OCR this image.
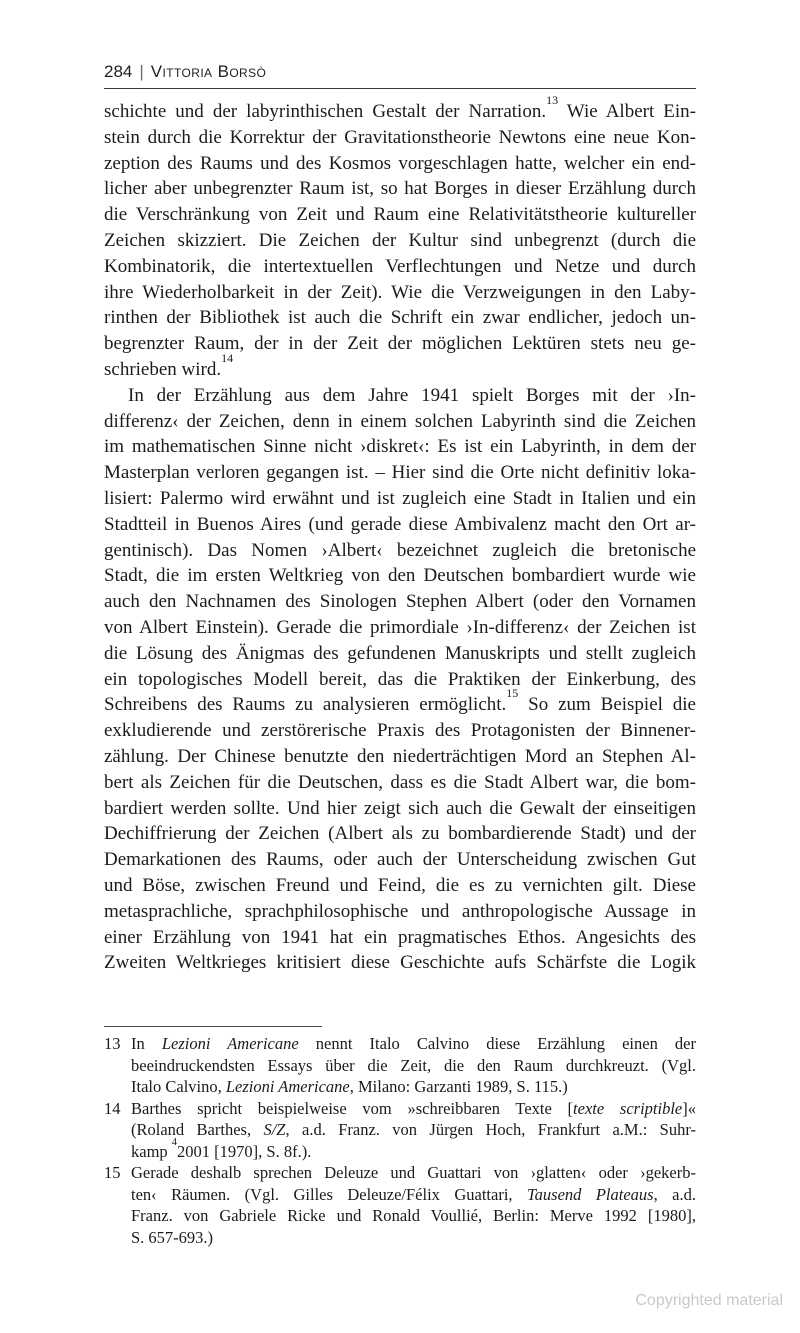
284 | Vittoria Borsò
schichte und der labyrinthischen Gestalt der Narration.$^{13}$ Wie Albert Ein-
stein durch die Korrektur der Gravitationstheorie Newtons eine neue Kon-
zeption des Raums und des Kosmos vorgeschlagen hatte, welcher ein end-
licher aber unbegrenzter Raum ist, so hat Borges in dieser Erzählung durch
die Verschränkung von Zeit und Raum eine Relativitätstheorie kultureller
Zeichen skizziert. Die Zeichen der Kultur sind unbegrenzt (durch die
Kombinatorik, die intertextuellen Verflechtungen und Netze und durch
ihre Wiederholbarkeit in der Zeit). Wie die Verzweigungen in den Laby-
rinthen der Bibliothek ist auch die Schrift ein zwar endlicher, jedoch un-
begrenzter Raum, der in der Zeit der möglichen Lektüren stets neu ge-
schrieben wird.$^{14}$
In der Erzählung aus dem Jahre 1941 spielt Borges mit der ›In-
differenz‹ der Zeichen, denn in einem solchen Labyrinth sind die Zeichen
im mathematischen Sinne nicht ›diskret‹: Es ist ein Labyrinth, in dem der
Masterplan verloren gegangen ist. – Hier sind die Orte nicht definitiv loka-
lisiert: Palermo wird erwähnt und ist zugleich eine Stadt in Italien und ein
Stadtteil in Buenos Aires (und gerade diese Ambivalenz macht den Ort ar-
gentinisch). Das Nomen ›Albert‹ bezeichnet zugleich die bretonische
Stadt, die im ersten Weltkrieg von den Deutschen bombardiert wurde wie
auch den Nachnamen des Sinologen Stephen Albert (oder den Vornamen
von Albert Einstein). Gerade die primordiale ›In-differenz‹ der Zeichen ist
die Lösung des Änigmas des gefundenen Manuskripts und stellt zugleich
ein topologisches Modell bereit, das die Praktiken der Einkerbung, des
Schreibens des Raums zu analysieren ermöglicht.$^{15}$ So zum Beispiel die
exkludierende und zerstörerische Praxis des Protagonisten der Binnener-
zählung. Der Chinese benutzte den niederträchtigen Mord an Stephen Al-
bert als Zeichen für die Deutschen, dass es die Stadt Albert war, die bom-
bardiert werden sollte. Und hier zeigt sich auch die Gewalt der einseitigen
Dechiffrierung der Zeichen (Albert als zu bombardierende Stadt) und der
Demarkationen des Raums, oder auch der Unterscheidung zwischen Gut
und Böse, zwischen Freund und Feind, die es zu vernichten gilt. Diese
metasprachliche, sprachphilosophische und anthropologische Aussage in
einer Erzählung von 1941 hat ein pragmatisches Ethos. Angesichts des
Zweiten Weltkrieges kritisiert diese Geschichte aufs Schärfste die Logik
13 In Lezioni Americane nennt Italo Calvino diese Erzählung einen der
beeindruckendsten Essays über die Zeit, die den Raum durchkreuzt. (Vgl.
Italo Calvino, Lezioni Americane, Milano: Garzanti 1989, S. 115.)
14 Barthes spricht beispielweise vom »schreibbaren Texte [texte scriptible]«
(Roland Barthes, S/Z, a.d. Franz. von Jürgen Hoch, Frankfurt a.M.: Suhr-
kamp $^4$2001 [1970], S. 8f.).
15 Gerade deshalb sprechen Deleuze und Guattari von ›glatten‹ oder ›gekerb-
ten‹ Räumen. (Vgl. Gilles Deleuze/Félix Guattari, Tausend Plateaus, a.d.
Franz. von Gabriele Ricke und Ronald Voullié, Berlin: Merve 1992 [1980],
S. 657-693.)
Copyrighted material
